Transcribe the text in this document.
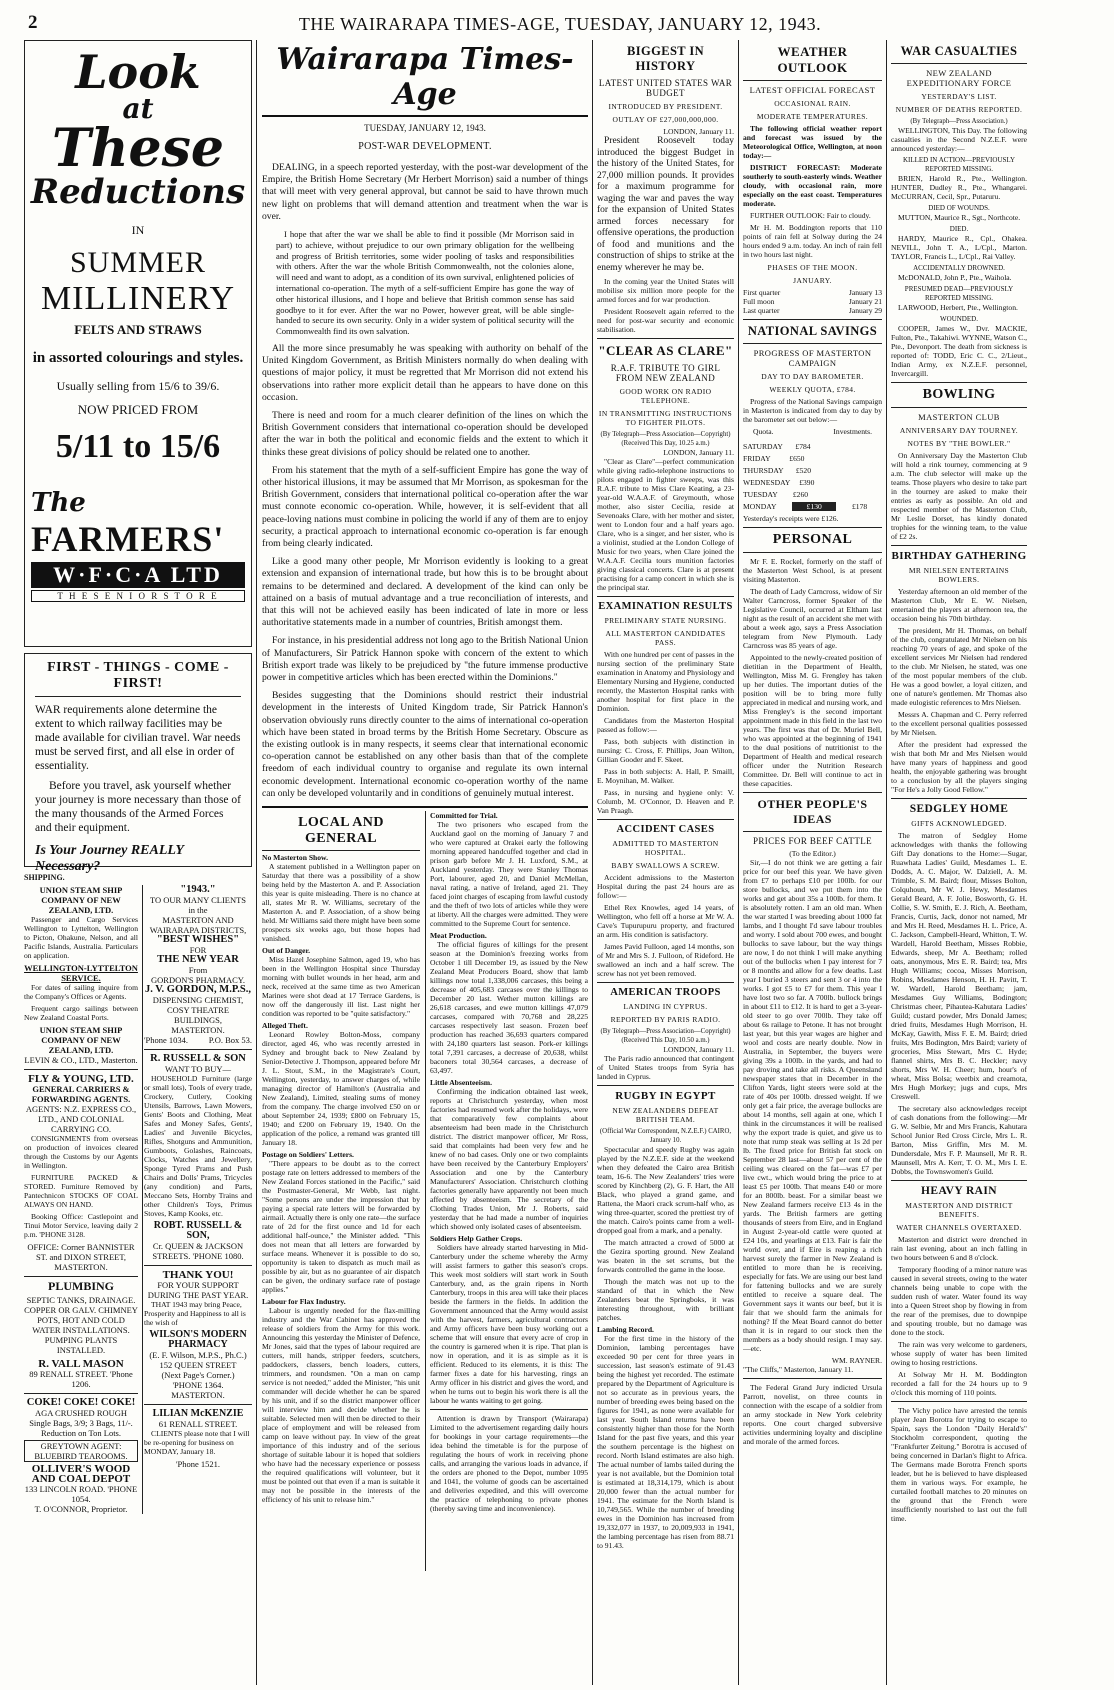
2	THE WAIRARAPA TIMES-AGE, TUESDAY, JANUARY 12, 1943.
Look
at
These
Reductions
IN
SUMMER
MILLINERY
FELTS AND STRAWS
in assorted colourings and styles.
Usually selling from 15/6 to 39/6.
NOW PRICED FROM
5/11 to 15/6
The FARMERS'
W·F·C·A LTD
T H E S E N I O R S T O R E
FIRST - THINGS - COME - FIRST!
WAR requirements alone determine the extent to which railway facilities may be made available for civilian travel. War needs must be served first, and all else in order of essentiality.
Before you travel, ask yourself whether your journey is more necessary than those of the many thousands of the Armed Forces and their equipment.
Is Your Journey REALLY Necessary?
SHIPPING.
UNION STEAM SHIP COMPANY OF NEW ZEALAND, LTD.

Passenger and Cargo Services Wellington to Lyttelton, Wellington to Picton, Ohakune, Nelson, and all Pacific Islands, Australia. Particulars on application.

WELLINGTON-LYTTELTON SERVICE.

For dates of sailing inquire from the Company's Offices or Agents.

Frequent cargo sailings between New Zealand Coastal Ports.

UNION STEAM SHIP COMPANY OF NEW ZEALAND, LTD.
LEVIN & CO., LTD., Masterton.
FLY & YOUNG, LTD.
GENERAL CARRIERS & FORWARDING AGENTS.
AGENTS: N.Z. EXPRESS CO., LTD., AND COLONIAL CARRYING CO.

CONSIGNMENTS from overseas on production of invoices cleared through the Customs by our Agents in Wellington.

FURNITURE PACKED & STORED. Furniture Removed by Pantechnicon STOCKS OF COAL ALWAYS ON HAND.

Booking Office: Castlepoint and Tinui Motor Service, leaving daily 2 p.m. 'PHONE 3128.

OFFICE: Corner BANNISTER ST. and DIXON STREET, MASTERTON.
PLUMBING
SEPTIC TANKS, DRAINAGE. COPPER OR GALV. CHIMNEY POTS, HOT AND COLD WATER INSTALLATIONS. PUMPING PLANTS INSTALLED.
R. VALL MASON
89 RENALL STREET. 'Phone 1206.
COKE! COKE! COKE!
AGA CRUSHED ROUGH
Single Bags, 3/9; 3 Bags, 11/-.
Reduction on Ton Lots.
GREYTOWN AGENT: BLUEBIRD TEAROOMS.
OLLIVER'S WOOD AND COAL DEPOT
133 LINCOLN ROAD. 'PHONE 1054.
T. O'CONNOR, Proprietor.
"1943."
TO OUR MANY CLIENTS
in the
MASTERTON AND WAIRARAPA DISTRICTS,
"BEST WISHES"
FOR
THE NEW YEAR
From
GORDON'S PHARMACY.
J. V. GORDON, M.P.S.,
DISPENSING CHEMIST,
COSY THEATRE BUILDINGS,
MASTERTON.
'Phone 1034. P.O. Box 53.
R. RUSSELL & SON
WANT TO BUY—

HOUSEHOLD Furniture (large or small lots), Tools of every trade, Crockery, Cutlery, Cooking Utensils, Barrows, Lawn Mowers, Gents' Boots and Clothing, Meat Safes and Money Safes, Gents', Ladies' and Juvenile Bicycles, Rifles, Shotguns and Ammunition, Gumboots, Golashes, Raincoats, Clocks, Watches and Jewellery, Sponge Tyred Prams and Push Chairs and Dolls' Prams, Tricycles (any condition) and Parts, Meccano Sets, Hornby Trains and other Children's Toys, Primus Stoves, Kamp Kooks, etc.

ROBT. RUSSELL & SON,
Cr. QUEEN & JACKSON STREETS. 'PHONE 1080.
THANK YOU!
FOR YOUR SUPPORT DURING THE PAST YEAR.

THAT 1943 may bring Peace, Prosperity and Happiness to all is the wish of

WILSON'S MODERN PHARMACY
(E. F. Wilson, M.P.S., Ph.C.)
152 QUEEN STREET
(Next Page's Corner.)
'PHONE 1364.
MASTERTON.
LILIAN McKENZIE
61 RENALL STREET.

CLIENTS please note that I will be re-opening for business on MONDAY, January 18.

'Phone 1521.
Wairarapa Times-Age
TUESDAY, JANUARY 12, 1943.
POST-WAR DEVELOPMENT.

DEALING, in a speech reported yesterday, with the post-war development of the Empire, the British Home Secretary (Mr Herbert Morrison) said a number of things that will meet with very general approval, but cannot be said to have thrown much new light on problems that will demand attention and treatment when the war is over.

I hope that after the war we shall be able to find it possible (Mr Morrison said in part) to achieve, without prejudice to our own primary obligation for the wellbeing and progress of British territories, some wider pooling of tasks and responsibilities with others. After the war the whole British Commonwealth, not the colonies alone, will need and want to adopt, as a condition of its own survival, enlightened policies of international co-operation. The myth of a self-sufficient Empire has gone the way of other historical illusions, and I hope and believe that British common sense has said goodbye to it for ever. After the war no Power, however great, will be able single-handed to secure its own security. Only in a wider system of political security will the Commonwealth find its own salvation.

All the more since presumably he was speaking with authority on behalf of the United Kingdom Government, as British Ministers normally do when dealing with questions of major policy, it must be regretted that Mr Morrison did not extend his observations into rather more explicit detail than he appears to have done on this occasion.

There is need and room for a much clearer definition of the lines on which the British Government considers that international co-operation should be developed after the war in both the political and economic fields and the extent to which it thinks these great divisions of policy should be related one to another.

From his statement that the myth of a self-sufficient Empire has gone the way of other historical illusions, it may be assumed that Mr Morrison, as spokesman for the British Government, considers that international political co-operation after the war must connote economic co-operation. While, however, it is self-evident that all peace-loving nations must combine in policing the world if any of them are to enjoy security, a practical approach to international economic co-operation is far enough from being clearly indicated.

Like a good many other people, Mr Morrison evidently is looking to a great extension and expansion of international trade, but how this is to be brought about remains to be determined and declared. A development of the kind can only be attained on a basis of mutual advantage and a true reconciliation of interests, and that this will not be achieved easily has been indicated of late in more or less authoritative statements made in a number of countries, British amongst them.

For instance, in his presidential address not long ago to the British National Union of Manufacturers, Sir Patrick Hannon spoke with concern of the extent to which British export trade was likely to be prejudiced by "the future immense productive power in competitive articles which has been erected within the Dominions."

Besides suggesting that the Dominions should restrict their industrial development in the interests of United Kingdom trade, Sir Patrick Hannon's observation obviously runs directly counter to the aims of international co-operation which have been stated in broad terms by the British Home Secretary. Obscure as the existing outlook is in many respects, it seems clear that international economic co-operation cannot be established on any other basis than that of the complete freedom of each individual country to organise and regulate its own internal economic development. International economic co-operation worthy of the name can only be developed voluntarily and in conditions of genuinely mutual interest.

LOCAL AND GENERAL
No Masterton Show.

A statement published in a Wellington paper on Saturday that there was a possibility of a show being held by the Masterton A. and P. Association this year is quite misleading. There is no chance at all, states Mr R. W. Williams, secretary of the Masterton A. and P. Association, of a show being held. Mr Williams said there might have been some prospects six weeks ago, but those hopes had vanished.

Out of Danger.

Miss Hazel Josephine Salmon, aged 19, who has been in the Wellington Hospital since Thursday morning with bullet wounds in her head, arm and neck, received at the same time as two American Marines were shot dead at 17 Terrace Gardens, is now off the dangerously ill list. Last night her condition was reported to be "quite satisfactory."

Alleged Theft.

Leonard Rowley Bolton-Moss, company director, aged 46, who was recently arrested in Sydney and brought back to New Zealand by Senior-Detective J. Thompson, appeared before Mr J. L. Stout, S.M., in the Magistrate's Court, Wellington, yesterday, to answer charges of, while managing director of Hamilton's (Australia and New Zealand), Limited, stealing sums of money from the company. The charge involved £50 on or about September 24, 1939; £800 on February 15, 1940; and £200 on February 19, 1940. On the application of the police, a remand was granted till January 18.

Postage on Soldiers' Letters.

"There appears to be doubt as to the correct postage rate on letters addressed to members of the New Zealand Forces stationed in the Pacific," said the Postmaster-General, Mr Webb, last night. "Some persons are under the impression that by paying a special rate letters will be forwarded by airmail. Actually there is only one rate—the surface rate of 2d for the first ounce and 1d for each additional half-ounce," the Minister added. "This does not mean that all letters are forwarded by surface means. Whenever it is possible to do so, opportunity is taken to dispatch as much mail as possible by air, but as no guarantee of air dispatch can be given, the ordinary surface rate of postage applies."

Labour for Flax Industry.

Labour is urgently needed for the flax-milling industry and the War Cabinet has approved the release of soldiers from the Army for this work. Announcing this yesterday the Minister of Defence, Mr Jones, said that the types of labour required are cutters, mill hands, stripper feeders, scutchers, paddockers, classers, bench loaders, cutters, trimmers, and roundsmen. "On a man on camp service is not needed," added the Minister, "his unit commander will decide whether he can be spared by his unit, and if so the district manpower officer will interview him and decide whether he is suitable. Selected men will then be directed to their place of employment and will be released from camp on leave without pay. In view of the great importance of this industry and of the serious shortage of suitable labour it is hoped that soldiers who have had the necessary experience or possess the required qualifications will volunteer, but it must be pointed out that even if a man is suitable it may not be possible in the interests of the efficiency of his unit to release him."

Committed for Trial.

The two prisoners who escaped from the Auckland gaol on the morning of January 7 and who were captured at Orakei early the following morning appeared handcuffed together and clad in prison garb before Mr J. H. Luxford, S.M., at Auckland yesterday. They were Stanley Thomas Port, labourer, aged 20, and Daniel McMellan, naval rating, a native of Ireland, aged 21. They faced joint charges of escaping from lawful custody and the theft of two lots of articles while they were at liberty. All the charges were admitted. They were committed to the Supreme Court for sentence.

Meat Production.

The official figures of killings for the present season at the Dominion's freezing works from October 1 till December 19, as issued by the New Zealand Meat Producers Board, show that lamb killings now total 1,338,006 carcases, this being a decrease of 405,683 carcases over the killings to December 20 last. Wether mutton killings are 26,618 carcases, and ewe mutton killings 47,079 carcases, compared with 70,768 and 28,225 carcases respectively last season. Frozen beef production has reached 36,693 quarters compared with 24,180 quarters last season. Pork-er killings total 7,391 carcases, a decrease of 20,638, whilst baconers total 30,564 carcases, a decrease of 63,497.

Little Absenteeism.

Confirming the indication obtained last week, reports at Christchurch yesterday, when most factories had resumed work after the holidays, were that comparatively few complaints about absenteeism had been made in the Christchurch district. The district manpower officer, Mr Ross, said that complaints had been very few and he knew of no bad cases. Only one or two complaints have been received by the Canterbury Employers' Association and one by the Canterbury Manufacturers' Association. Christchurch clothing factories generally have apparently not been much affected by absenteeism. The secretary of the Clothing Trades Union, Mr J. Roberts, said yesterday that he had made a number of inquiries which showed only isolated cases of absenteeism.

Soldiers Help Gather Crops.

Soldiers have already started harvesting in Mid-Canterbury under the scheme whereby the Army will assist farmers to gather this season's crops. This week most soldiers will start work in South Canterbury, and, as the grain ripens in North Canterbury, troops in this area will take their places beside the farmers in the fields. In addition the Government announced that the Army would assist with the harvest, farmers, agricultural contractors and Army officers have been busy working out a scheme that will ensure that every acre of crop in the country is garnered when it is ripe. That plan is now in operation, and it is as simple as it is efficient. Reduced to its elements, it is this: The farmer fixes a date for his harvesting, rings an Army officer in his district and gives the word, and when he turns out to begin his work there is all the labour he wants waiting to get going.

Attention is drawn by Transport (Wairarapa) Limited to the advertisement regarding daily hours for bookings in your cartage requirements—the idea behind the timetable is for the purpose of regulating the hours of work in receiving phone calls, and arranging the various loads in advance, if the orders are phoned to the Depot, number 1095 and 1041, the volume of goods can be ascertained and deliveries expedited, and this will overcome the practice of telephoning to private phones (thereby saving time and inconvenience).

BIGGEST IN HISTORY
LATEST UNITED STATES WAR BUDGET
INTRODUCED BY PRESIDENT.
OUTLAY OF £27,000,000,000.
LONDON, January 11.

President Roosevelt today introduced the biggest Budget in the history of the United States, for 27,000 million pounds. It provides for a maximum programme for waging the war and paves the way for the expansion of United States armed forces necessary for offensive operations, the production of food and munitions and the construction of ships to strike at the enemy wherever he may be.

In the coming year the United States will mobilise six million more people for the armed forces and for war production.

President Roosevelt again referred to the need for post-war security and economic stabilisation.

"CLEAR AS CLARE"
R.A.F. TRIBUTE TO GIRL FROM NEW ZEALAND
GOOD WORK ON RADIO TELEPHONE.
IN TRANSMITTING INSTRUCTIONS TO FIGHTER PILOTS.
(By Telegraph—Press Association—Copyright) (Received This Day, 10.25 a.m.)
LONDON, January 11.

"Clear as Clare"—perfect communication while giving radio-telephone instructions to pilots engaged in fighter sweeps, was this R.A.F. tribute to Miss Clare Keating, a 23-year-old W.A.A.F. of Greymouth, whose mother, also sister Cecilia, reside at Sevenoaks Clare, with her mother and sister, went to London four and a half years ago. Clare, who is a singer, and her sister, who is a violinist, studied at the London College of Music for two years, when Clare joined the W.A.A.F. Cecilia tours munition factories giving classical concerts. Clare is at present practising for a camp concert in which she is the principal star.

EXAMINATION RESULTS
PRELIMINARY STATE NURSING.
ALL MASTERTON CANDIDATES PASS.

With one hundred per cent of passes in the nursing section of the preliminary State examination in Anatomy and Physiology and Elementary Nursing and Hygiene, conducted recently, the Masterton Hospital ranks with another hospital for first place in the Dominion.

Candidates from the Masterton Hospital passed as follow:—

Pass, both subjects with distinction in nursing: C. Cross, F. Phillips, Joan Wilton, Gillian Gooder and F. Skeet.

Pass in both subjects: A. Hall, P. Smaill, E. Moynihan, M. Walker.

Pass, in nursing and hygiene only: V. Columb, M. O'Connor, D. Heaven and P. Van Praagh.

ACCIDENT CASES
ADMITTED TO MASTERTON HOSPITAL.
BABY SWALLOWS A SCREW.

Accident admissions to the Masterton Hospital during the past 24 hours are as follow:—

Ethel Rex Knowles, aged 14 years, of Wellington, who fell off a horse at Mr W. A. Cave's Tupurupuru property, and fractured an arm. His condition is satisfactory.

James Pavid Fulloon, aged 14 months, son of Mr and Mrs S. J. Fulloon, of Rideford. He swallowed an inch and a half screw. The screw has not yet been removed.

AMERICAN TROOPS
LANDING IN CYPRUS.
REPORTED BY PARIS RADIO.
(By Telegraph—Press Association—Copyright) (Received This Day, 10.50 a.m.)
LONDON, January 11.

The Paris radio announced that contingent of United States troops from Syria has landed in Cyprus.

RUGBY IN EGYPT
NEW ZEALANDERS DEFEAT BRITISH TEAM.
(Official War Correspondent, N.Z.E.F.) CAIRO, January 10.

Spectacular and speedy Rugby was again played by the N.Z.E.F. side at the weekend when they defeated the Cairo area British team, 16-6. The New Zealanders' tries were scored by Kinchberg (2), G. F. Hart, the All Black, who played a grand game, and Rattena, the Maori crack scrum-half who, as wing three-quarter, scored the prettiest try of the match. Cairo's points came from a well-dropped goal from a mark, and a penalty.

The match attracted a crowd of 5000 at the Gezira sporting ground. New Zealand was beaten in the set scrums, but the forwards controlled the game in the loose.

Though the match was not up to the standard of that in which the New Zealanders beat the Springboks, it was interesting throughout, with brilliant patches.

Lambing Record.

For the first time in the history of the Dominion, lambing percentages have exceeded 90 per cent for three years in succession, last season's estimate of 91.43 being the highest yet recorded. The estimate prepared by the Department of Agriculture is not so accurate as in previous years, the number of breeding ewes being based on the figures for 1941, as none were available for last year. South Island returns have been consistently higher than those for the North Island for the past five years, and this year the southern percentage is the highest on record. North Island estimates are also high. The actual number of lambs tailed during the year is not available, but the Dominion total is estimated at 18,314,179, which is about 20,000 fewer than the actual number for 1941. The estimate for the North Island is 10,749,565. While the number of breeding ewes in the Dominion has increased from 19,332,077 in 1937, to 20,009,933 in 1941, the lambing percentage has risen from 88.71 to 91.43.

WEATHER OUTLOOK
LATEST OFFICIAL FORECAST
OCCASIONAL RAIN.
MODERATE TEMPERATURES.

The following official weather report and forecast was issued by the Meteorological Office, Wellington, at noon today:—

DISTRICT FORECAST: Moderate southerly to south-easterly winds. Weather cloudy, with occasional rain, more especially on the east coast. Temperatures moderate.

FURTHER OUTLOOK: Fair to cloudy.

Mr H. M. Boddington reports that 110 points of rain fell at Solway during the 24 hours ended 9 a.m. today. An inch of rain fell in two hours last night.

PHASES OF THE MOON.
JANUARY.
First quarter	January 13
Full moon	January 21
Last quarter	January 29
NATIONAL SAVINGS
PROGRESS OF MASTERTON CAMPAIGN
DAY TO DAY BAROMETER.
WEEKLY QUOTA, £784.

Progress of the National Savings campaign in Masterton is indicated from day to day by the barometer set out below:—

Quota.	Investments.
SATURDAY £784
FRIDAY £650
THURSDAY £520
WEDNESDAY £390
TUESDAY £260
MONDAY	£130	£178
Yesterday's receipts were £126.
PERSONAL

Mr F. E. Rockel, formerly on the staff of the Masterton West School, is at present visiting Masterton.

The death of Lady Carncross, widow of Sir Walter Carncross, former Speaker of the Legislative Council, occurred at Eltham last night as the result of an accident she met with about a week ago, says a Press Association telegram from New Plymouth. Lady Carncross was 85 years of age.

Appointed to the newly-created position of dietitian in the Department of Health, Wellington, Miss M. G. Frengley has taken up her duties. The important duties of the position will be to bring more fully appreciated in medical and nursing work, and Miss Frengley's is the second important appointment made in this field in the last two years. The first was that of Dr. Muriel Bell, who was appointed at the beginning of 1941 to the dual positions of nutritionist to the Department of Health and medical research officer under the Nutrition Research Committee. Dr. Bell will continue to act in these capacities.

OTHER PEOPLE'S IDEAS
PRICES FOR BEEF CATTLE
(To the Editor.)

Sir,—I do not think we are getting a fair price for our beef this year. We have given from £7 to perhaps £10 per 100lb. for our store bullocks, and we put them into the works and get about 35s a 100lb. for them. It is absolutely rotten. I am an old man. When the war started I was breeding about 1000 fat lambs, and I thought I'd save labour troubles and worry. I sold about 700 ewes, and bought bullocks to save labour, but the way things are now, I do not think I will make anything out of the bullocks when I pay interest for 7 or 8 months and allow for a few deaths. Last year I buried 3 steers and sent 3 or 4 into the works. I got £5 to £7 for them. This year I have lost two so far. A 700lb. bullock brings in about £11 to £12. It is hard to get a 3-year-old steer to go over 700lb. They take off about 6s railage to Petone. It has not brought last year, but this year wages are higher and wool and costs are nearly double. Now in Australia, in September, the buyers were giving 39s a 100lb. in the yards, and had to pay droving and take all risks. A Queensland newspaper states that in December in the Clifton Yards, light steers were sold at the rate of 40s per 100lb. dressed weight. If we only get a fair price, the average bullocks are about 14 months, sell again at one, which I think in the circumstances it will be realised why the export trade is quiet, and give us to note that rump steak was selling at 1s 2d per lb. The fixed price for British fat stock on September 28 last—about 57 per cent of the ceiling was cleared on the fat—was £7 per live cwt., which would bring the price to at least £5 per 100lb. That means £40 or more for an 800lb. beast. For a similar beast we New Zealand farmers receive £13 4s in the yards. The British farmers are getting thousands of steers from Eire, and in England in August 2-year-old cattle were quoted at £24 10s, and yearlings at £13. Fair is fair the world over, and if Eire is reaping a rich harvest surely the farmer in New Zealand is entitled to more than he is receiving, especially for fats. We are using our best land for fattening bullocks and we are surely entitled to receive a square deal. The Government says it wants our beef, but it is fair that we should farm the animals for nothing? If the Meat Board cannot do better than it is in regard to our stock then the members as a body should resign. I may say.—etc.

WM. RAYNER.
"The Cliffs," Masterton, January 11.

The Federal Grand Jury indicted Ursula Parrott, novelist, on three counts in connection with the escape of a soldier from an army stockade in New York celebrity reports. One court charged subversive activities undermining loyalty and discipline and morale of the armed forces.

WAR CASUALTIES
NEW ZEALAND EXPEDITIONARY FORCE
YESTERDAY'S LIST.
NUMBER OF DEATHS REPORTED.
(By Telegraph—Press Association.)

WELLINGTON, This Day. The following casualties in the Second N.Z.E.F. were announced yesterday:—

KILLED IN ACTION—PREVIOUSLY REPORTED MISSING.

BRIEN, Harold R., Pte., Wellington. HUNTER, Dudley R., Pte., Whangarei. McCURRAN, Cecil, Spr., Putaruru.

DIED OF WOUNDS.

MUTTON, Maurice R., Sgt., Northcote.

DIED.

HARDY, Maurice R., Cpl., Ohakea. NEVILL, John T. A., L/Cpl., Marton. TAYLOR, Francis L., L/Cpl., Rai Valley.

ACCIDENTALLY DROWNED.

McDONALD, John P., Pte., Waihola.

PRESUMED DEAD—PREVIOUSLY REPORTED MISSING.

LARWOOD, Herbert, Pte., Wellington.

WOUNDED.

COOPER, James W., Dvr. MACKIE, Fulton, Pte., Takahiwi. WYNNE, Watson C., Pte., Devonport. The death from sickness is reported of: TODD, Eric C. C., 2/Lieut., Indian Army, ex N.Z.E.F. personnel, Invercargill.

BOWLING
MASTERTON CLUB
ANNIVERSARY DAY TOURNEY.
NOTES BY "THE BOWLER."

On Anniversary Day the Masterton Club will hold a rink tourney, commencing at 9 a.m. The club selector will make up the teams. Those players who desire to take part in the tourney are asked to make their entries as early as possible. An old and respected member of the Masterton Club, Mr Leslie Dorset, has kindly donated trophies for the winning team, to the value of £2 2s.

BIRTHDAY GATHERING
MR NIELSEN ENTERTAINS BOWLERS.

Yesterday afternoon an old member of the Masterton Club, Mr E. W. Nielsen, entertained the players at afternoon tea, the occasion being his 70th birthday.

The president, Mr H. Thomas, on behalf of the club, congratulated Mr Nielsen on his reaching 70 years of age, and spoke of the excellent services Mr Nielsen had rendered to the club. Mr Nielsen, he stated, was one of the most popular members of the club. He was a good bowler, a loyal citizen, and one of nature's gentlemen. Mr Thomas also made eulogistic references to Mrs Nielsen.

Messrs A. Chapman and C. Perry referred to the excellent personal qualities possessed by Mr Nielsen.

After the president had expressed the wish that both Mr and Mrs Nielsen would have many years of happiness and good health, the enjoyable gathering was brought to a conclusion by all the players singing "For He's a Jolly Good Fellow."

SEDGLEY HOME
GIFTS ACKNOWLEDGED.

The matron of Sedgley Home acknowledges with thanks the following Gift Day donations to the Home:—Sugar, Ruawhata Ladies' Guild, Mesdames L. E. Dodds, A. C. Major, W. Dalziell, A. M. Trimble, S. M. Baird; flour, Misses Bolton, Colquhoun, Mr W. J. Hewy, Mesdames Gerald Beard, A. F. Jolie, Bosworth, G. H. Collie, S. W. Smith, E. J. Rich, A. Beetham, Francis, Curtis, Jack, donor not named, Mr and Mrs H. Reed, Mesdames H. L. Price, A. C. Jackson, Campbell-Heard, Whitton, T. W. Wardell, Harold Beetham, Misses Robbie, Edwards, sheep, Mr A. Beetham; rolled oats, anonymous, Mrs E. R. Baird; tea, Mrs Hugh Williams; cocoa, Misses Morrison, Robins, Mesdames Henson, H. H. Pavitt, T. W. Wardell, Harold Beetham; jam, Mesdames Guy Williams, Bodington; Christmas cheer, Pihautea-Kahutara Ladies' Guild; custard powder, Mrs Donald James; dried fruits, Mesdames Hugh Morrison, H. McKay, Gawith, Miss F. E. M. Baird; dried fruits, Mrs Bodington, Mrs Baird; variety of groceries, Miss Stewart, Mrs C. Hyde; flannel shirts, Mrs B. C. Heckler; navy shorts, Mrs W. H. Cheer; hum, hour's of wheat, Miss Bolsa; weetbix and creamota, Mrs Hugh Morkey; jugs and cups, Mrs Creswell.

The secretary also acknowledges receipt of cash donations from the following:—Mr G. W. Selbie, Mr and Mrs Francis, Kahutara School Junior Red Cross Circle, Mrs L. R. Barton, Miss Griffin, Mrs M. M. Dundersdale, Mrs F. P. Maunsell, Mr R. R. Maunsell, Mrs A. Kerr, T. O. M., Mrs I. E. Dobbs, the Townswomen's Guild.

HEAVY RAIN
MASTERTON AND DISTRICT BENEFITS.
WATER CHANNELS OVERTAXED.

Masterton and district were drenched in rain last evening, about an inch falling in two hours between 6 and 8 o'clock.

Temporary flooding of a minor nature was caused in several streets, owing to the water channels being unable to cope with the sudden rush of water. Water found its way into a Queen Street shop by flowing in from the rear of the premises, due to downpipe and spouting trouble, but no damage was done to the stock.

The rain was very welcome to gardeners, whose supply of water has been limited owing to hosing restrictions.

At Solway Mr H. M. Boddington recorded a fall for the 24 hours up to 9 o'clock this morning of 110 points.

The Vichy police have arrested the tennis player Jean Borotra for trying to escape to Spain, says the London "Daily Herald's" Stockholm correspondent, quoting the "Frankfurter Zeitung." Borotra is accused of being concerned in Darlan's flight to Africa. The Germans made Borotra French sports leader, but he is believed to have displeased them in various ways. For example, he curtailed football matches to 20 minutes on the ground that the French were insufficiently nourished to last out the full time.
